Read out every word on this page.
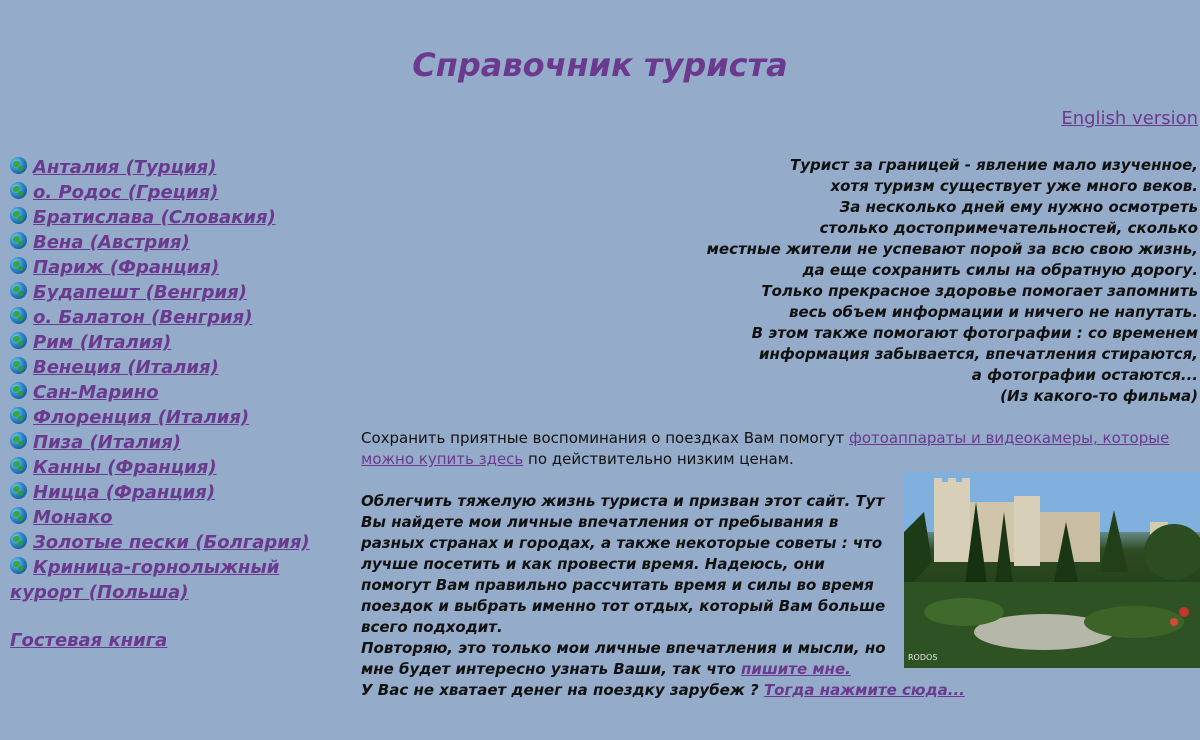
Справочник туриста
English version
Анталия (Турция)
о. Родос (Греция)
Братислава (Словакия)
Вена (Австрия)
Париж (Франция)
Будапешт (Венгрия)
о. Балатон (Венгрия)
Рим (Италия)
Венеция (Италия)
Сан-Марино
Флоренция (Италия)
Пиза (Италия)
Канны (Франция)
Ницца (Франция)
Монако
Золотые пески (Болгария)
Криница-горнолыжный курорт (Польша)
Гостевая книга
Турист за границей - явление мало изученное,
хотя туризм существует уже много веков.
За несколько дней ему нужно осмотреть
столько достопримечательностей, сколько
местные жители не успевают порой за всю свою жизнь,
да еще сохранить силы на обратную дорогу.
Только прекрасное здоровье помогает запомнить
весь объем информации и ничего не напутать.
В этом также помогают фотографии : со временем
информация забывается, впечатления стираются,
а фотографии остаются...
(Из какого-то фильма)

Сохранить приятные воспоминания о поездках Вам помогут фотоаппараты и видеокамеры, которые можно купить здесь по действительно низким ценам.

RODOS

Облегчить тяжелую жизнь туриста и призван этот сайт. Тут Вы найдете мои личные впечатления от пребывания в разных странах и городах, а также некоторые советы : что лучше посетить и как провести время. Надеюсь, они помогут Вам правильно рассчитать время и силы во время поездок и выбрать именно тот отдых, который Вам больше всего подходит.

Повторяю, это только мои личные впечатления и мысли, но мне будет интересно узнать Ваши, так что пишите мне.

У Вас не хватает денег на поездку зарубеж ? Тогда нажмите сюда...
